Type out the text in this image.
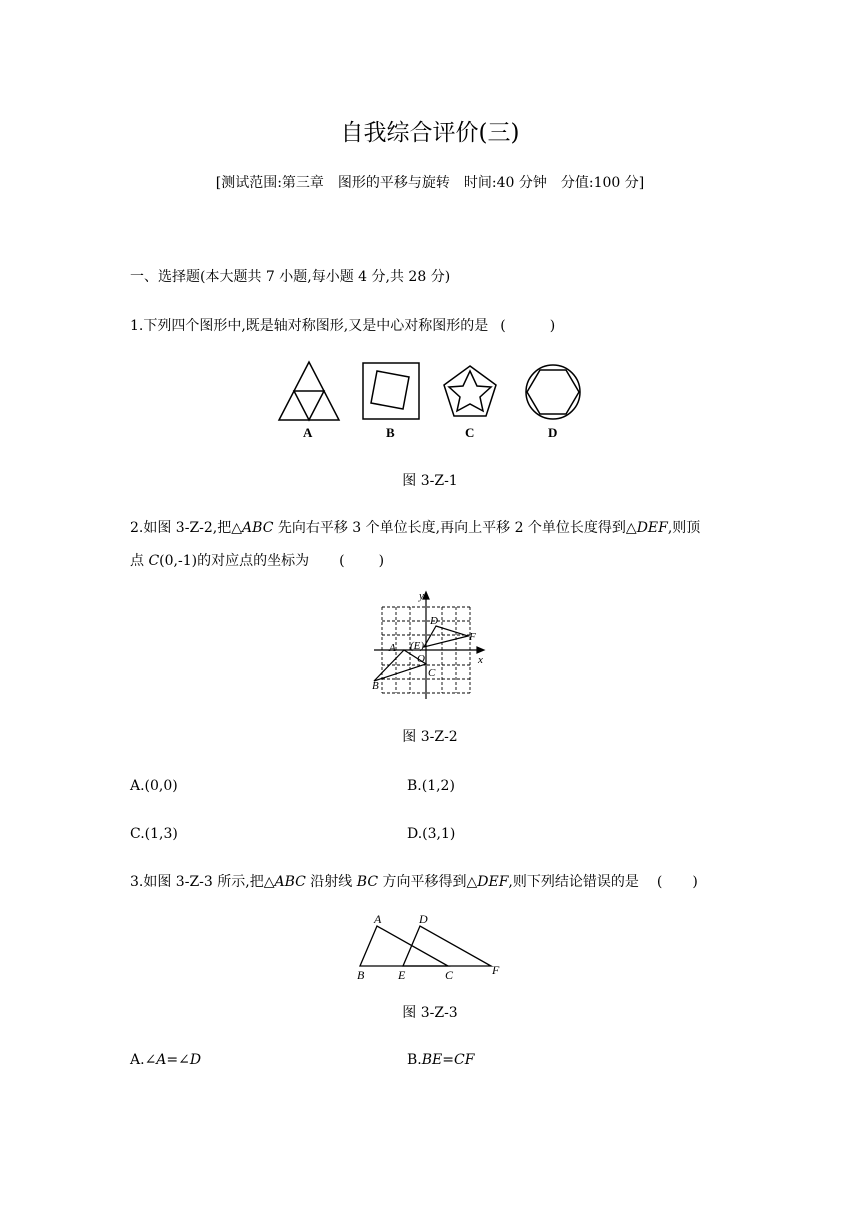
自我综合评价(三)
[测试范围:第三章　图形的平移与旋转　时间:40 分钟　分值:100 分]
一、选择题(本大题共 7 小题,每小题 4 分,共 28 分)
1.下列四个图形中,既是轴对称图形,又是中心对称图形的是 (	)
A	B	C	D
图 3-Z-1
2.如图 3-Z-2,把△ABC 先向右平移 3 个单位长度,再向上平移 2 个单位长度得到△DEF,则顶
点 C(0,-1)的对应点的坐标为 ( )
y
x
D
F
A (E)
O
C
B
图 3-Z-2
A.(0,0)	B.(1,2)
C.(1,3)	D.(3,1)
3.如图 3-Z-3 所示,把△ABC 沿射线 BC 方向平移得到△DEF,则下列结论错误的是 ( )
A	D
B	E	C	F
图 3-Z-3
A.∠A=∠D	B.BE=CF
